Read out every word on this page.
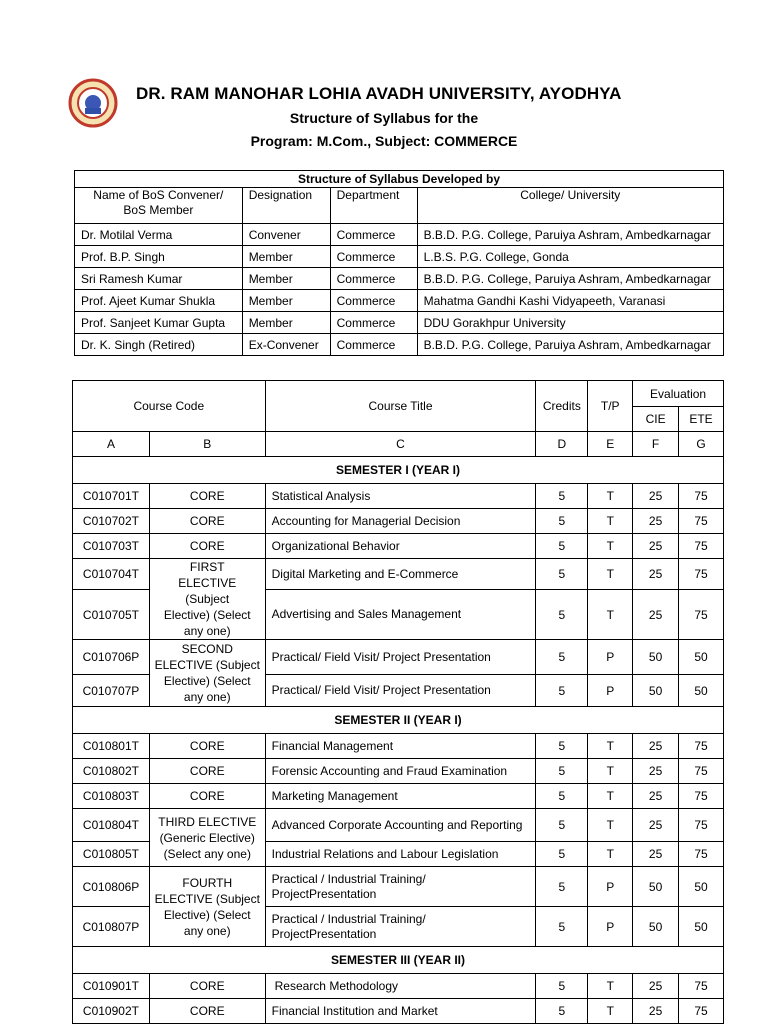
DR. RAM MANOHAR LOHIA AVADH UNIVERSITY, AYODHYA
Structure of Syllabus for the
Program: M.Com., Subject: COMMERCE
Structure of Syllabus Developed by			
Name of BoS Convener/ BoS Member	Designation	Department	College/ University
Dr. Motilal Verma	Convener	Commerce	B.B.D. P.G. College, Paruiya Ashram, Ambedkarnagar
Prof. B.P. Singh	Member	Commerce	L.B.S. P.G. College, Gonda
Sri Ramesh Kumar	Member	Commerce	B.B.D. P.G. College, Paruiya Ashram, Ambedkarnagar
Prof. Ajeet Kumar Shukla	Member	Commerce	Mahatma Gandhi Kashi Vidyapeeth, Varanasi
Prof. Sanjeet Kumar Gupta	Member	Commerce	DDU Gorakhpur University
Dr. K. Singh (Retired)	Ex-Convener	Commerce	B.B.D. P.G. College, Paruiya Ashram, Ambedkarnagar
Course Code		Course Title	Credits	T/P	Evaluation	
					CIE	ETE
A	B	C	D	E	F	G
SEMESTER I (YEAR I)						
C010701T	CORE	Statistical Analysis	5	T	25	75
C010702T	CORE	Accounting for Managerial Decision	5	T	25	75
C010703T	CORE	Organizational Behavior	5	T	25	75
C010704T	FIRST ELECTIVE (Subject Elective) (Select any one)	Digital Marketing and E-Commerce	5	T	25	75
C010705T		Advertising and Sales Management	5	T	25	75
C010706P	SECOND ELECTIVE (Subject Elective) (Select any one)	Practical/ Field Visit/ Project Presentation	5	P	50	50
C010707P		Practical/ Field Visit/ Project Presentation	5	P	50	50
SEMESTER II (YEAR I)						
C010801T	CORE	Financial Management	5	T	25	75
C010802T	CORE	Forensic Accounting and Fraud Examination	5	T	25	75
C010803T	CORE	Marketing Management	5	T	25	75
C010804T	THIRD ELECTIVE (Generic Elective) (Select any one)	Advanced Corporate Accounting and Reporting	5	T	25	75
C010805T		Industrial Relations and Labour Legislation	5	T	25	75
C010806P	FOURTH ELECTIVE (Subject Elective) (Select any one)	Practical / Industrial Training/ ProjectPresentation	5	P	50	50
C010807P		Practical / Industrial Training/ ProjectPresentation	5	P	50	50
SEMESTER III (YEAR II)						
C010901T	CORE	Research Methodology	5	T	25	75
C010902T	CORE	Financial Institution and Market	5	T	25	75
